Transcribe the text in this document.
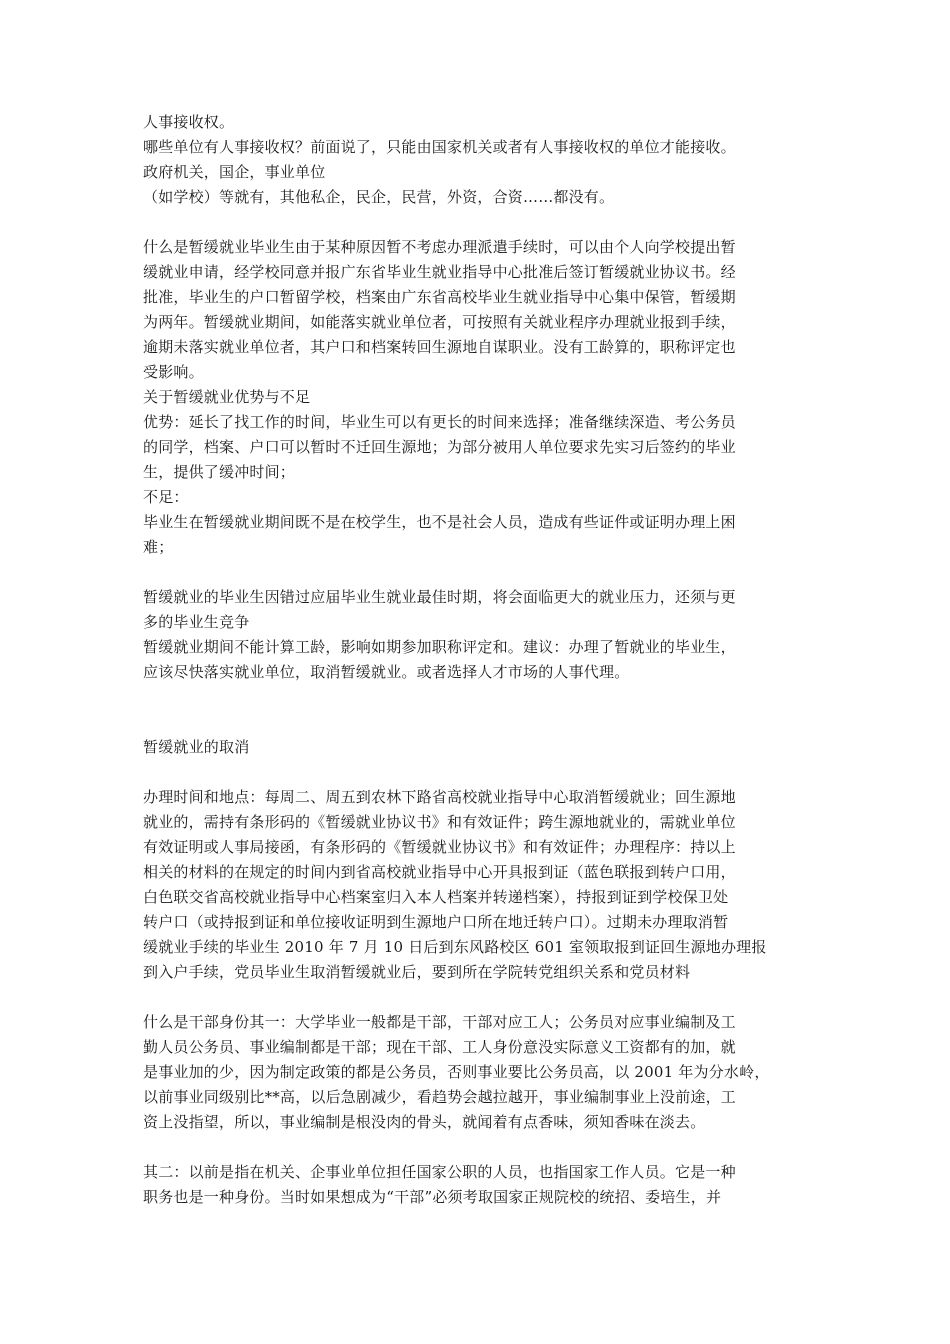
人事接收权。
哪些单位有人事接收权？前面说了，只能由国家机关或者有人事接收权的单位才能接收。
政府机关，国企，事业单位
（如学校）等就有，其他私企，民企，民营，外资，合资……都没有。
什么是暂缓就业毕业生由于某种原因暂不考虑办理派遣手续时，可以由个人向学校提出暂
缓就业申请，经学校同意并报广东省毕业生就业指导中心批准后签订暂缓就业协议书。经
批准，毕业生的户口暂留学校，档案由广东省高校毕业生就业指导中心集中保管，暂缓期
为两年。暂缓就业期间，如能落实就业单位者，可按照有关就业程序办理就业报到手续，
逾期未落实就业单位者，其户口和档案转回生源地自谋职业。没有工龄算的，职称评定也
受影响。
关于暂缓就业优势与不足
优势：延长了找工作的时间，毕业生可以有更长的时间来选择；准备继续深造、考公务员
的同学，档案、户口可以暂时不迁回生源地；为部分被用人单位要求先实习后签约的毕业
生，提供了缓冲时间；
不足：
毕业生在暂缓就业期间既不是在校学生，也不是社会人员，造成有些证件或证明办理上困
难；
暂缓就业的毕业生因错过应届毕业生就业最佳时期，将会面临更大的就业压力，还须与更
多的毕业生竞争
暂缓就业期间不能计算工龄，影响如期参加职称评定和。建议：办理了暂就业的毕业生，
应该尽快落实就业单位，取消暂缓就业。或者选择人才市场的人事代理。
暂缓就业的取消
办理时间和地点：每周二、周五到农林下路省高校就业指导中心取消暂缓就业；回生源地
就业的，需持有条形码的《暂缓就业协议书》和有效证件；跨生源地就业的，需就业单位
有效证明或人事局接函，有条形码的《暂缓就业协议书》和有效证件；办理程序：持以上
相关的材料的在规定的时间内到省高校就业指导中心开具报到证（蓝色联报到转户口用，
白色联交省高校就业指导中心档案室归入本人档案并转递档案），持报到证到学校保卫处
转户口（或持报到证和单位接收证明到生源地户口所在地迁转户口）。过期未办理取消暂
缓就业手续的毕业生 2010 年 7 月 10 日后到东风路校区 601 室领取报到证回生源地办理报
到入户手续，党员毕业生取消暂缓就业后，要到所在学院转党组织关系和党员材料
什么是干部身份其一：大学毕业一般都是干部，干部对应工人；公务员对应事业编制及工
勤人员公务员、事业编制都是干部；现在干部、工人身份意没实际意义工资都有的加，就
是事业加的少，因为制定政策的都是公务员，否则事业要比公务员高，以 2001 年为分水岭，
以前事业同级别比**高，以后急剧减少，看趋势会越拉越开，事业编制事业上没前途，工
资上没指望，所以，事业编制是根没肉的骨头，就闻着有点香味，须知香味在淡去。
其二：以前是指在机关、企事业单位担任国家公职的人员，也指国家工作人员。它是一种
职务也是一种身份。当时如果想成为“干部”必须考取国家正规院校的统招、委培生，并
